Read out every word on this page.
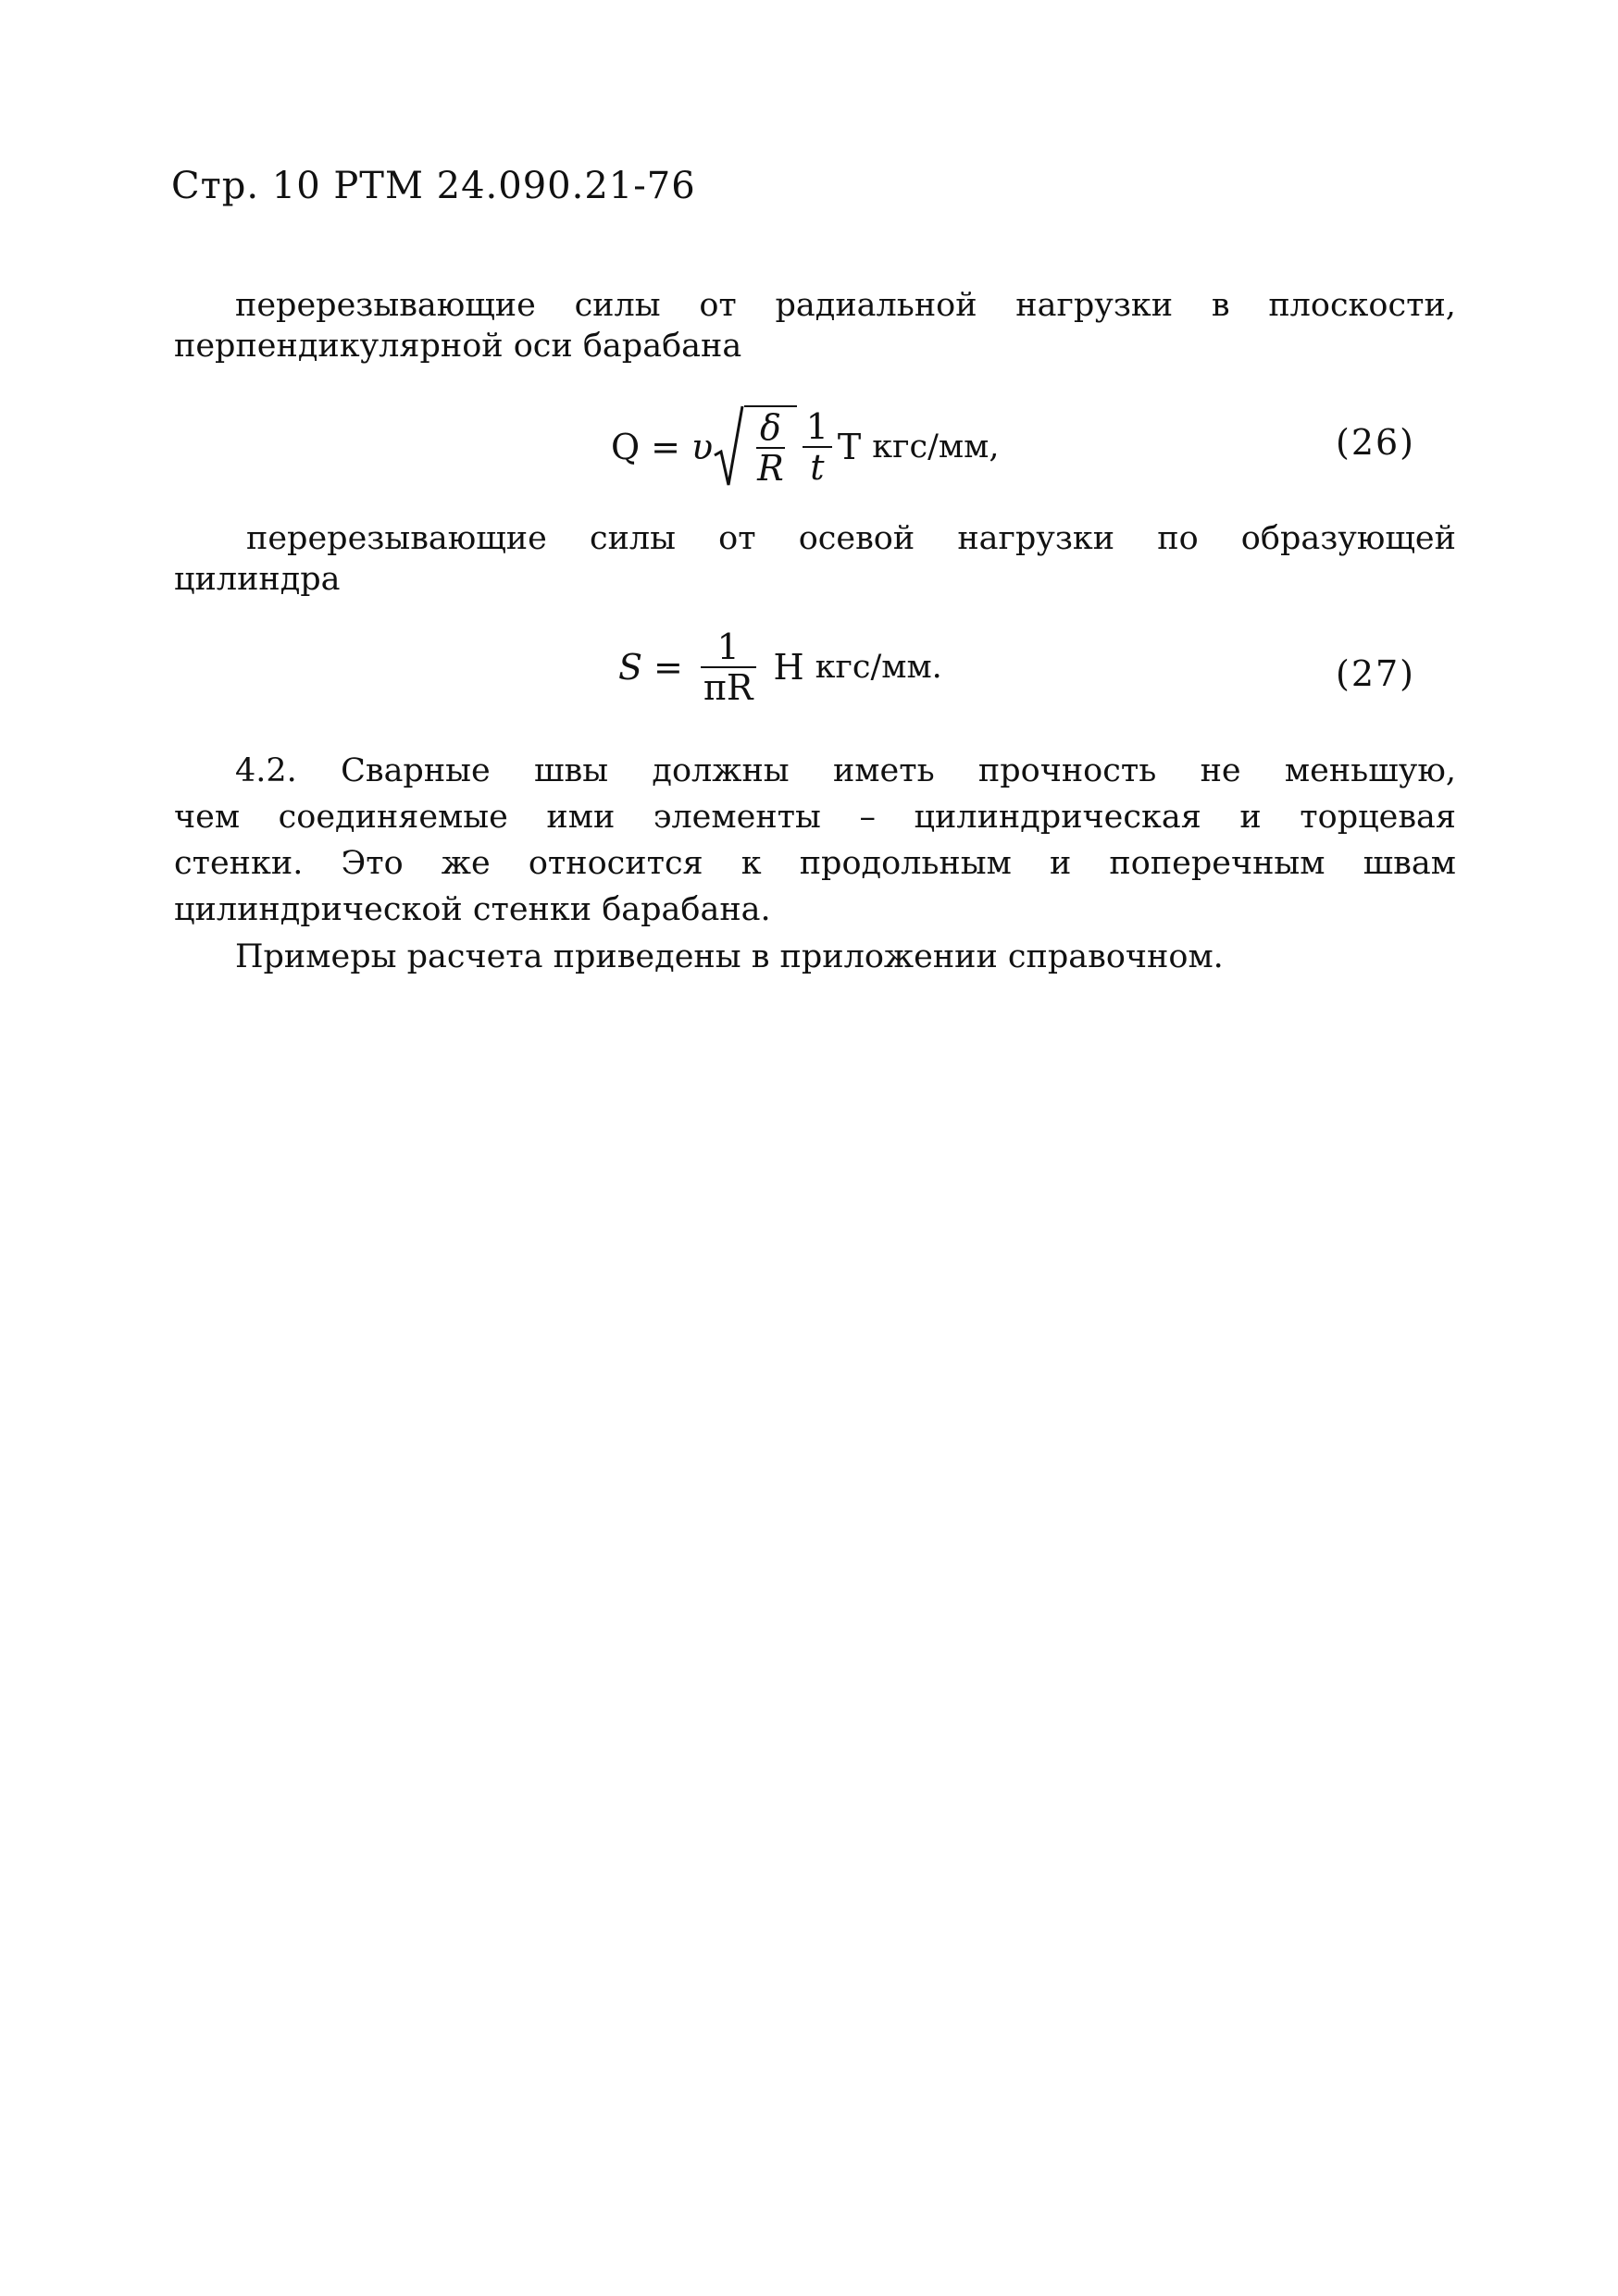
Стр. 10 РТМ 24.090.21-76
перерезывающие силы от радиальной нагрузки в плоскости,
перпендикулярной оси барабана
Q = υ $\frac{\delta}{R} \frac{1}{t}$ T кгс/мм,	(26)
перерезывающие силы от осевой нагрузки по образующей
цилиндра
$S = \frac{1}{\pi R}$ H кгс/мм.	(27)
4.2. Сварные швы должны иметь прочность не меньшую,
чем соединяемые ими элементы – цилиндрическая и торцевая
стенки. Это же относится к продольным и поперечным швам
цилиндрической стенки барабана.
Примеры расчета приведены в приложении справочном.
